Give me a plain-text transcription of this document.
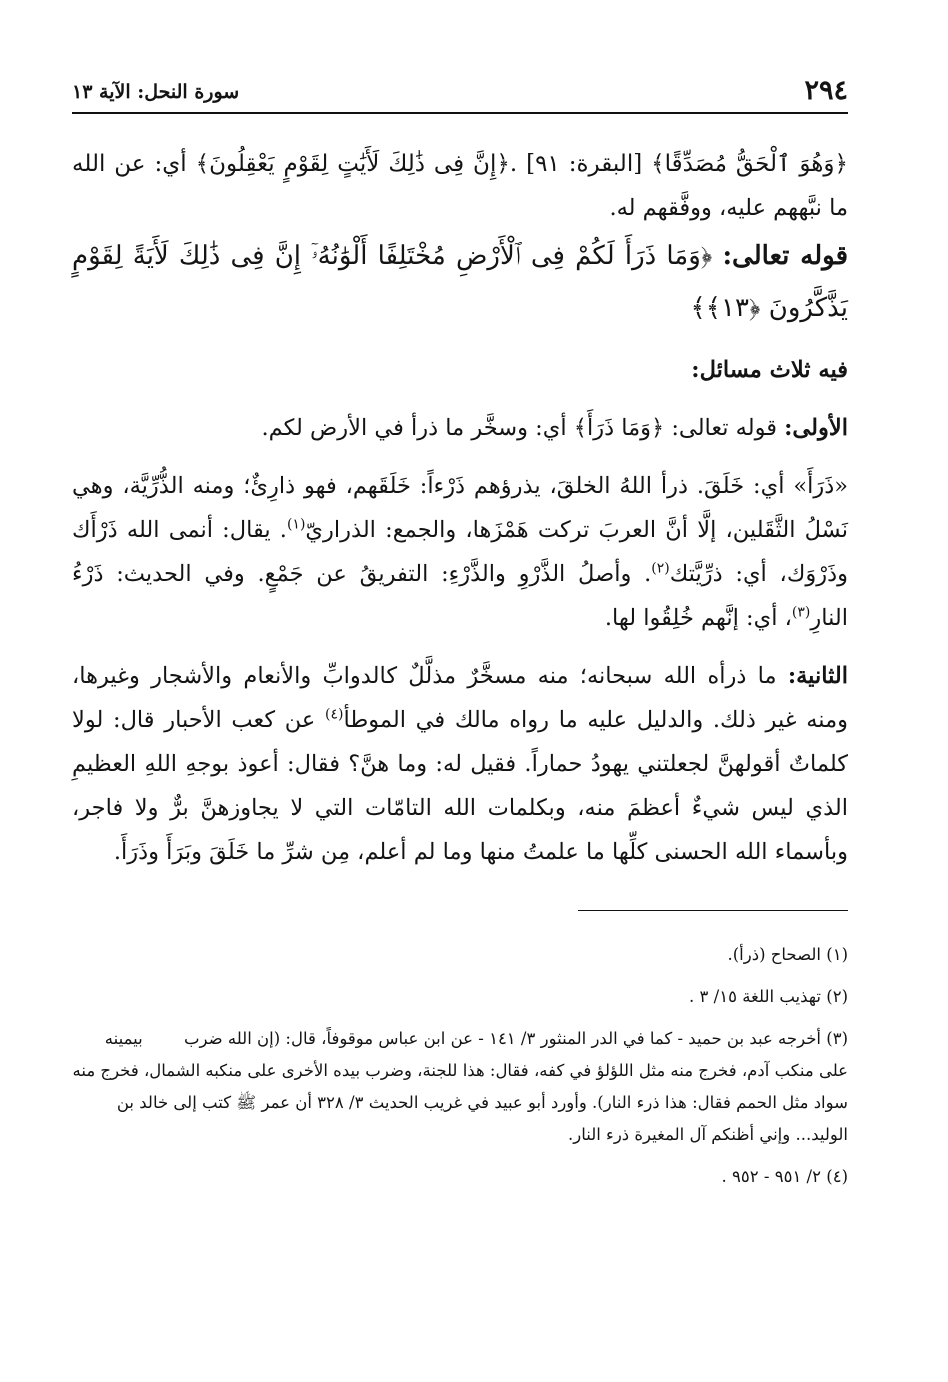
٢٩٤
سورة النحل: الآية ١٣

﴿وَهُوَ ٱلْحَقُّ مُصَدِّقًا﴾ [البقرة: ٩١] .﴿إِنَّ فِى ذَٰلِكَ لَأَيَٰتٍ لِقَوْمٍ يَعْقِلُونَ﴾ أي: عن الله ما نبَّههم عليه، ووفَّقهم له.

قوله تعالى: ﴿وَمَا ذَرَأَ لَكُمْ فِى ٱلْأَرْضِ مُخْتَلِفًا أَلْوَٰنُهُۥٓ إِنَّ فِى ذَٰلِكَ لَأَيَةً لِقَوْمٍ يَذَّكَّرُونَ ﴿١٣﴾﴾

فيه ثلاث مسائل:

الأولى: قوله تعالى: ﴿وَمَا ذَرَأَ﴾ أي: وسخَّر ما ذرأ في الأرض لكم.

«ذَرَأَ» أي: خَلَقَ. ذرأ اللهُ الخلقَ، يذرؤهم ذَرْءاً: خَلَقَهم، فهو ذارِئٌ؛ ومنه الذُّرِّيَّة، وهي نَسْلُ الثَّقَلين، إلَّا أنَّ العربَ تركت هَمْزَها، والجمع: الذراريّ$^{(١)}$. يقال: أنمى الله ذَرْأَك وذَرْوَك، أي: ذرِّيَّتك$^{(٢)}$. وأصلُ الذَّرْوِ والذَّرْءِ: التفريقُ عن جَمْعٍ. وفي الحديث: ذَرْءُ النارِ$^{(٣)}$، أي: إنَّهم خُلِقُوا لها.

الثانية: ما ذرأه الله سبحانه؛ منه مسخَّرٌ مذلَّلٌ كالدوابِّ والأنعام والأشجار وغيرها، ومنه غير ذلك. والدليل عليه ما رواه مالك في الموطأ$^{(٤)}$ عن كعب الأحبار قال: لولا كلماتٌ أقولهنَّ لجعلتني يهودُ حماراً. فقيل له: وما هنَّ؟ فقال: أعوذ بوجهِ اللهِ العظيمِ الذي ليس شيءٌ أعظمَ منه، وبكلمات الله التامّات التي لا يجاوزهنَّ برٌّ ولا فاجر، وبأسماء الله الحسنى كلِّها ما علمتُ منها وما لم أعلم، مِن شرِّ ما خَلَقَ وبَرَأَ وذَرَأَ.

(١) الصحاح (ذرأ).

(٢) تهذيب اللغة ١٥/ ٣ .

(٣) أخرجه عبد بن حميد - كما في الدر المنثور ٣/ ١٤١ - عن ابن عباس موقوفاً، قال: (إن الله ضرب بيمينه على منكب آدم، فخرج منه مثل اللؤلؤ في كفه، فقال: هذا للجنة، وضرب بيده الأخرى على منكبه الشمال، فخرج منه سواد مثل الحمم فقال: هذا ذرء النار). وأورد أبو عبيد في غريب الحديث ٣/ ٣٢٨ أن عمر ﷺ كتب إلى خالد بن الوليد... وإني أظنكم آل المغيرة ذرء النار.

(٤) ٢/ ٩٥١ - ٩٥٢ .
